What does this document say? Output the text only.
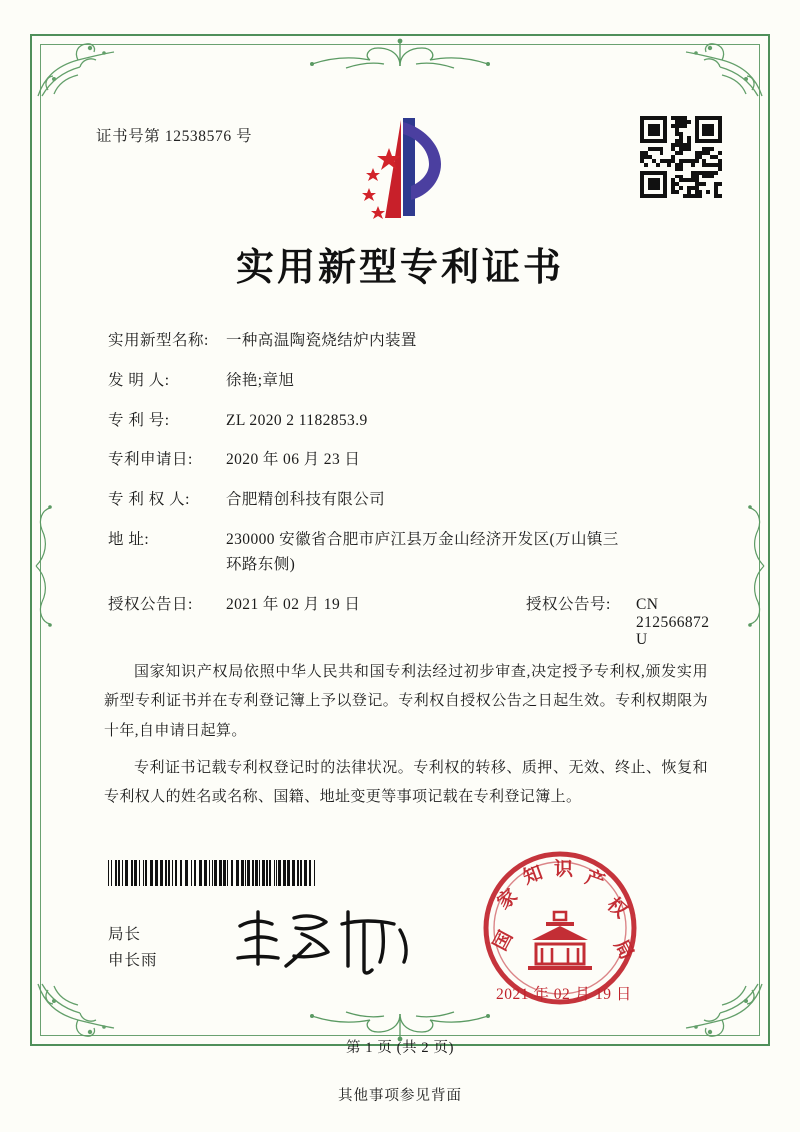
证书号第 12538576 号
实用新型专利证书
实用新型名称:	一种高温陶瓷烧结炉内装置
发 明 人:	徐艳;章旭
专 利 号:	ZL 2020 2 1182853.9
专利申请日:	2020 年 06 月 23 日
专 利 权 人:	合肥精创科技有限公司
地 址:	230000 安徽省合肥市庐江县万金山经济开发区(万山镇三
环路东侧)
授权公告日:	2021 年 02 月 19 日	授权公告号:	CN 212566872 U

国家知识产权局依照中华人民共和国专利法经过初步审查,决定授予专利权,颁发实用新型专利证书并在专利登记簿上予以登记。专利权自授权公告之日起生效。专利权期限为十年,自申请日起算。

专利证书记载专利权登记时的法律状况。专利权的转移、质押、无效、终止、恢复和专利权人的姓名或名称、国籍、地址变更等事项记载在专利登记簿上。

局长
申长雨
国
家
知 识 产
权
局
2021 年 02 月 19 日
第 1 页 (共 2 页)
其他事项参见背面
